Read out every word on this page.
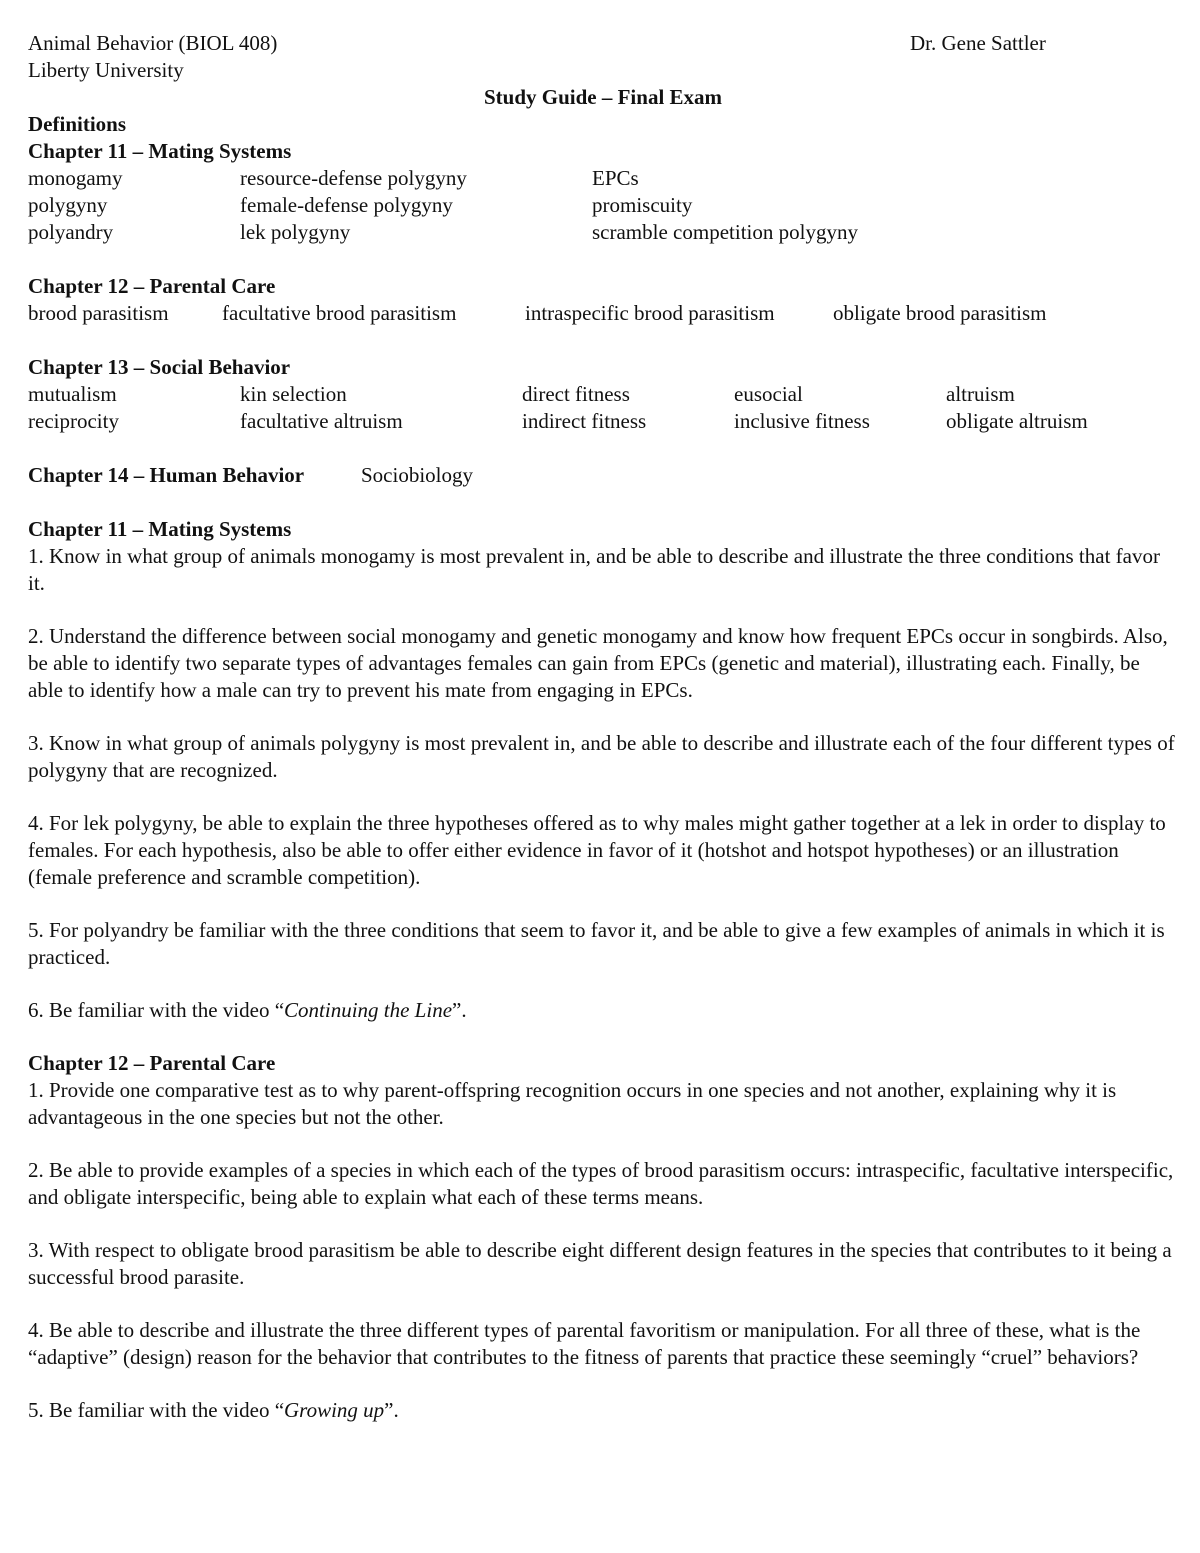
Animal Behavior (BIOL 408)	Dr. Gene Sattler
Liberty University
Study Guide – Final Exam
Definitions
Chapter 11 – Mating Systems
monogamy	resource-defense polygyny	EPCs
polygyny	female-defense polygyny	promiscuity
polyandry	lek polygyny	scramble competition polygyny
Chapter 12 – Parental Care
brood parasitism	facultative brood parasitism	intraspecific brood parasitism	obligate brood parasitism
Chapter 13 – Social Behavior
mutualism	kin selection	direct fitness	eusocial	altruism
reciprocity	facultative altruism	indirect fitness	inclusive fitness	obligate altruism
Chapter 14 – Human Behavior	Sociobiology
Chapter 11 – Mating Systems

1. Know in what group of animals monogamy is most prevalent in, and be able to describe and illustrate the three conditions that favor it.

2. Understand the difference between social monogamy and genetic monogamy and know how frequent EPCs occur in songbirds. Also, be able to identify two separate types of advantages females can gain from EPCs (genetic and material), illustrating each. Finally, be able to identify how a male can try to prevent his mate from engaging in EPCs.

3. Know in what group of animals polygyny is most prevalent in, and be able to describe and illustrate each of the four different types of polygyny that are recognized.

4. For lek polygyny, be able to explain the three hypotheses offered as to why males might gather together at a lek in order to display to females. For each hypothesis, also be able to offer either evidence in favor of it (hotshot and hotspot hypotheses) or an illustration (female preference and scramble competition).

5. For polyandry be familiar with the three conditions that seem to favor it, and be able to give a few examples of animals in which it is practiced.

6. Be familiar with the video “Continuing the Line”.

Chapter 12 – Parental Care

1. Provide one comparative test as to why parent-offspring recognition occurs in one species and not another, explaining why it is advantageous in the one species but not the other.

2. Be able to provide examples of a species in which each of the types of brood parasitism occurs: intraspecific, facultative interspecific, and obligate interspecific, being able to explain what each of these terms means.

3. With respect to obligate brood parasitism be able to describe eight different design features in the species that contributes to it being a successful brood parasite.

4. Be able to describe and illustrate the three different types of parental favoritism or manipulation. For all three of these, what is the “adaptive” (design) reason for the behavior that contributes to the fitness of parents that practice these seemingly “cruel” behaviors?

5. Be familiar with the video “Growing up”.
